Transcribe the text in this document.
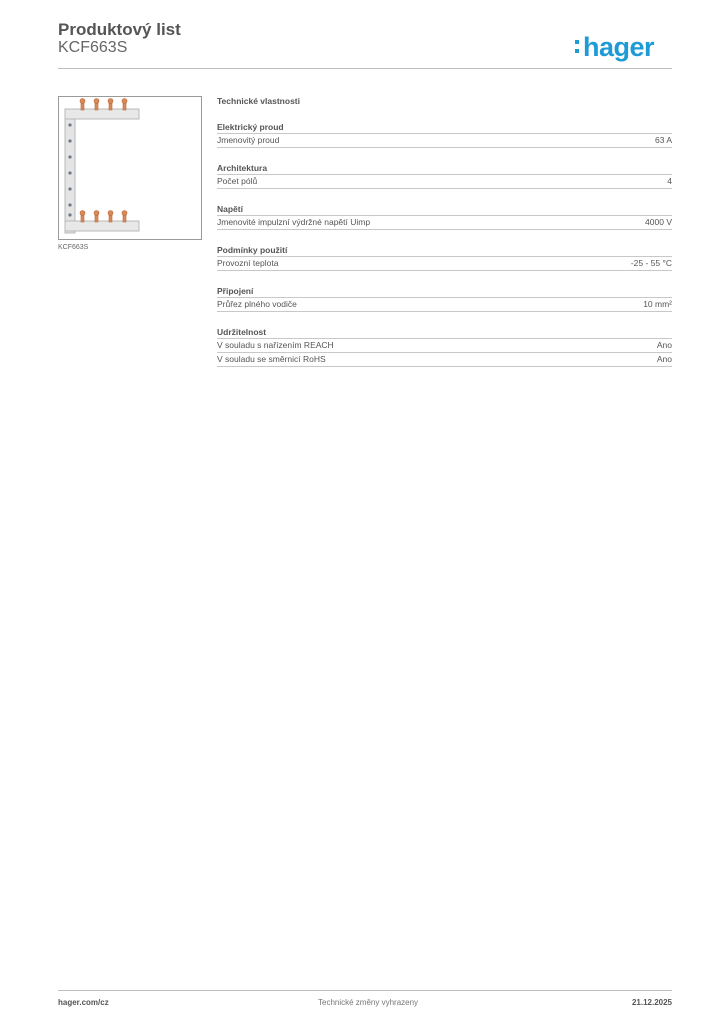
Produktový list
KCF663S	hager
KCF663S
Technické vlastnosti
Elektrický proud
Jmenovitý proud	63 A
Architektura
Počet pólů	4
Napětí
Jmenovité impulzní výdržné napětí Uimp	4000 V
Podmínky použití
Provozní teplota	-25 - 55 °C
Připojení
Průřez plného vodiče	10 mm²
Udržitelnost
V souladu s nařízením REACH	Ano
V souladu se směrnicí RoHS	Ano
hager.com/cz	Technické změny vyhrazeny	21.12.2025
